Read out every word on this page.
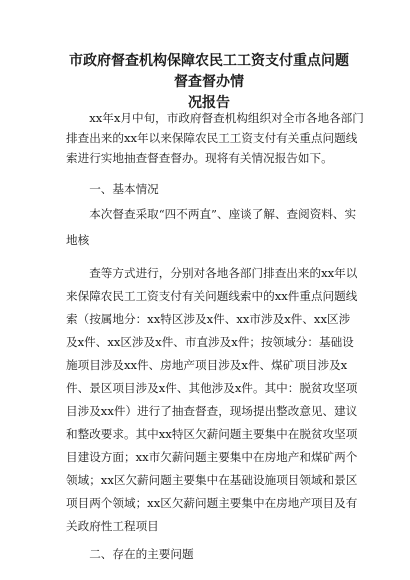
市政府督查机构保障农民工工资支付重点问题督查督办情
况报告
　　xx年x月中旬，市政府督查机构组织对全市各地各部门
排查出来的xx年以来保障农民工工资支付有关重点问题线
索进行实地抽查督查督办。现将有关情况报告如下。
　　一、基本情况
　　本次督查采取“四不两直”、座谈了解、查阅资料、实
地核
　　查等方式进行，分别对各地各部门排查出来的xx年以
来保障农民工工资支付有关问题线索中的xx件重点问题线
索（按属地分：xx特区涉及x件、xx市涉及x件、xx区涉
及x件、xx区涉及x件、市直涉及x件；按领域分：基础设
施项目涉及xx件、房地产项目涉及x件、煤矿项目涉及x
件、景区项目涉及x件、其他涉及x件。其中：脱贫攻坚项
目涉及xx件）进行了抽查督查，现场提出整改意见、建议
和整改要求。其中xx特区欠薪问题主要集中在脱贫攻坚项
目建设方面；xx市欠薪问题主要集中在房地产和煤矿两个
领域；xx区欠薪问题主要集中在基础设施项目领域和景区
项目两个领域；xx区欠薪问题主要集中在房地产项目及有
关政府性工程项目
　　二、存在的主要问题
